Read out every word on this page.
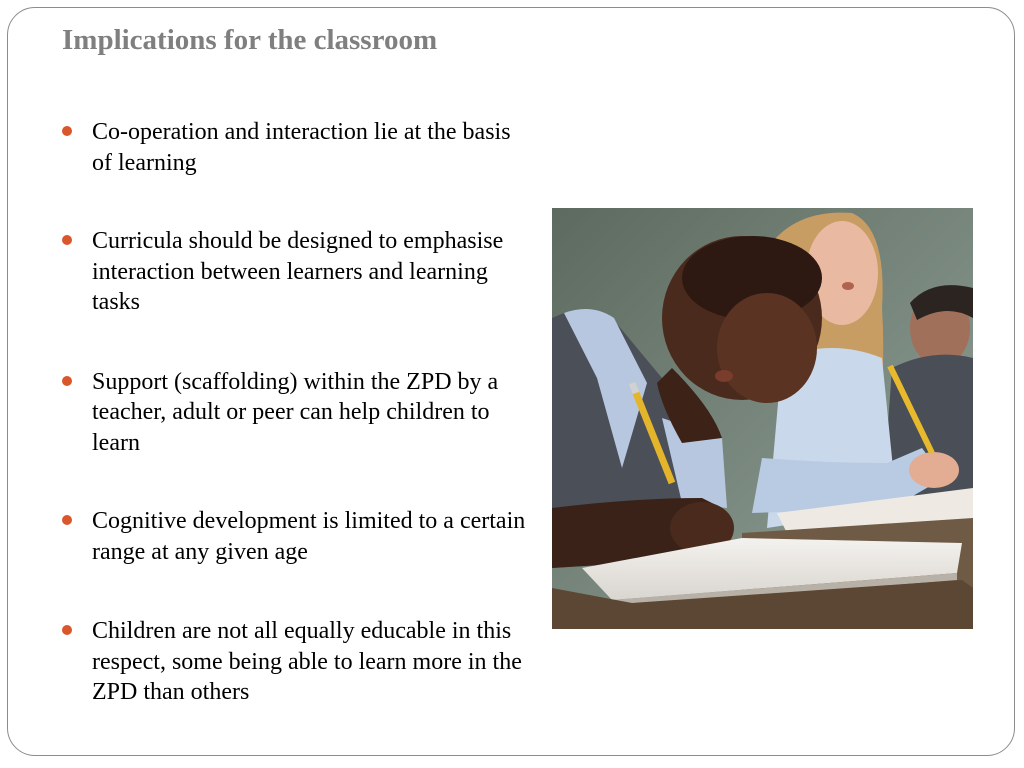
Implications for the classroom
Co-operation and interaction lie at the basis of learning
Curricula should be designed to emphasise interaction between learners and learning tasks
Support (scaffolding) within the ZPD by a teacher, adult or peer can help children to learn
Cognitive development is limited to a certain range at any given age
Children are not all equally educable in this respect, some being able to learn more in the ZPD than others
